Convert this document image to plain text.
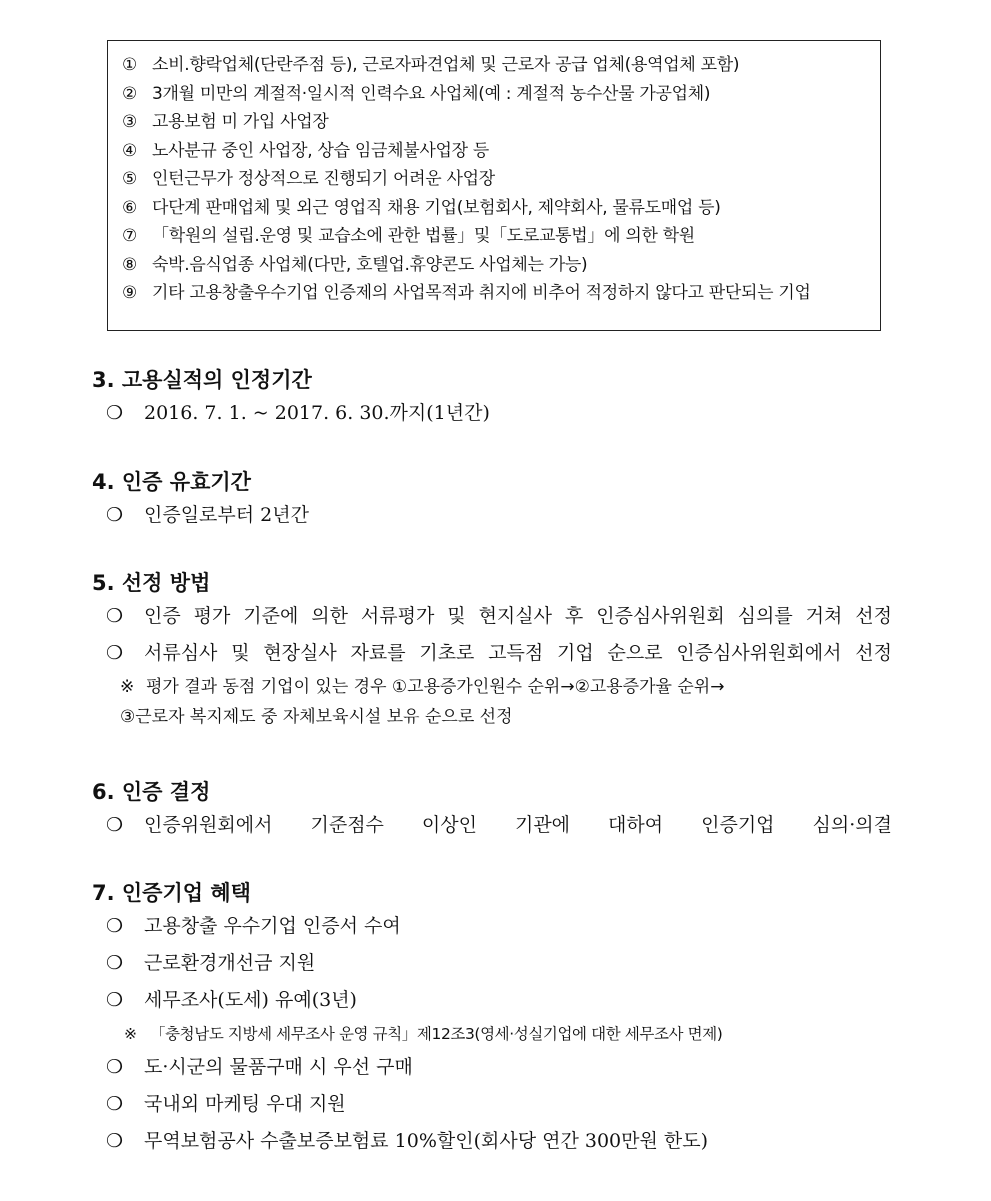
① 소비.향락업체(단란주점 등), 근로자파견업체 및 근로자 공급 업체(용역업체 포함)
② 3개월 미만의 계절적·일시적 인력수요 사업체(예 : 계절적 농수산물 가공업체)
③ 고용보험 미 가입 사업장
④ 노사분규 중인 사업장, 상습 임금체불사업장 등
⑤ 인턴근무가 정상적으로 진행되기 어려운 사업장
⑥ 다단계 판매업체 및 외근 영업직 채용 기업(보험회사, 제약회사, 물류도매업 등)
⑦ 「학원의 설립.운영 및 교습소에 관한 법률」및「도로교통법」에 의한 학원
⑧ 숙박.음식업종 사업체(다만, 호텔업.휴양콘도 사업체는 가능)
⑨ 기타 고용창출우수기업 인증제의 사업목적과 취지에 비추어 적정하지 않다고 판단되는 기업
3. 고용실적의 인정기간
❍	2016. 7. 1. ~ 2017. 6. 30.까지(1년간)
4. 인증 유효기간
❍	인증일로부터 2년간
5. 선정 방법
❍	인증 평가 기준에 의한 서류평가 및 현지실사 후 인증심사위원회 심의를 거쳐 선정
❍	서류심사 및 현장실사 자료를 기초로 고득점 기업 순으로 인증심사위원회에서 선정
※ 평가 결과 동점 기업이 있는 경우 ①고용증가인원수 순위→②고용증가율 순위→
③근로자 복지제도 중 자체보육시설 보유 순으로 선정
6. 인증 결정
❍	인증위원회에서 기준점수 이상인 기관에 대하여 인증기업 심의·의결
7. 인증기업 혜택
❍	고용창출 우수기업 인증서 수여
❍	근로환경개선금 지원
❍	세무조사(도세) 유예(3년)
※ 「충청남도 지방세 세무조사 운영 규칙」제12조3(영세·성실기업에 대한 세무조사 면제)
❍	도·시군의 물품구매 시 우선 구매
❍	국내외 마케팅 우대 지원
❍	무역보험공사 수출보증보험료 10%할인(회사당 연간 300만원 한도)
